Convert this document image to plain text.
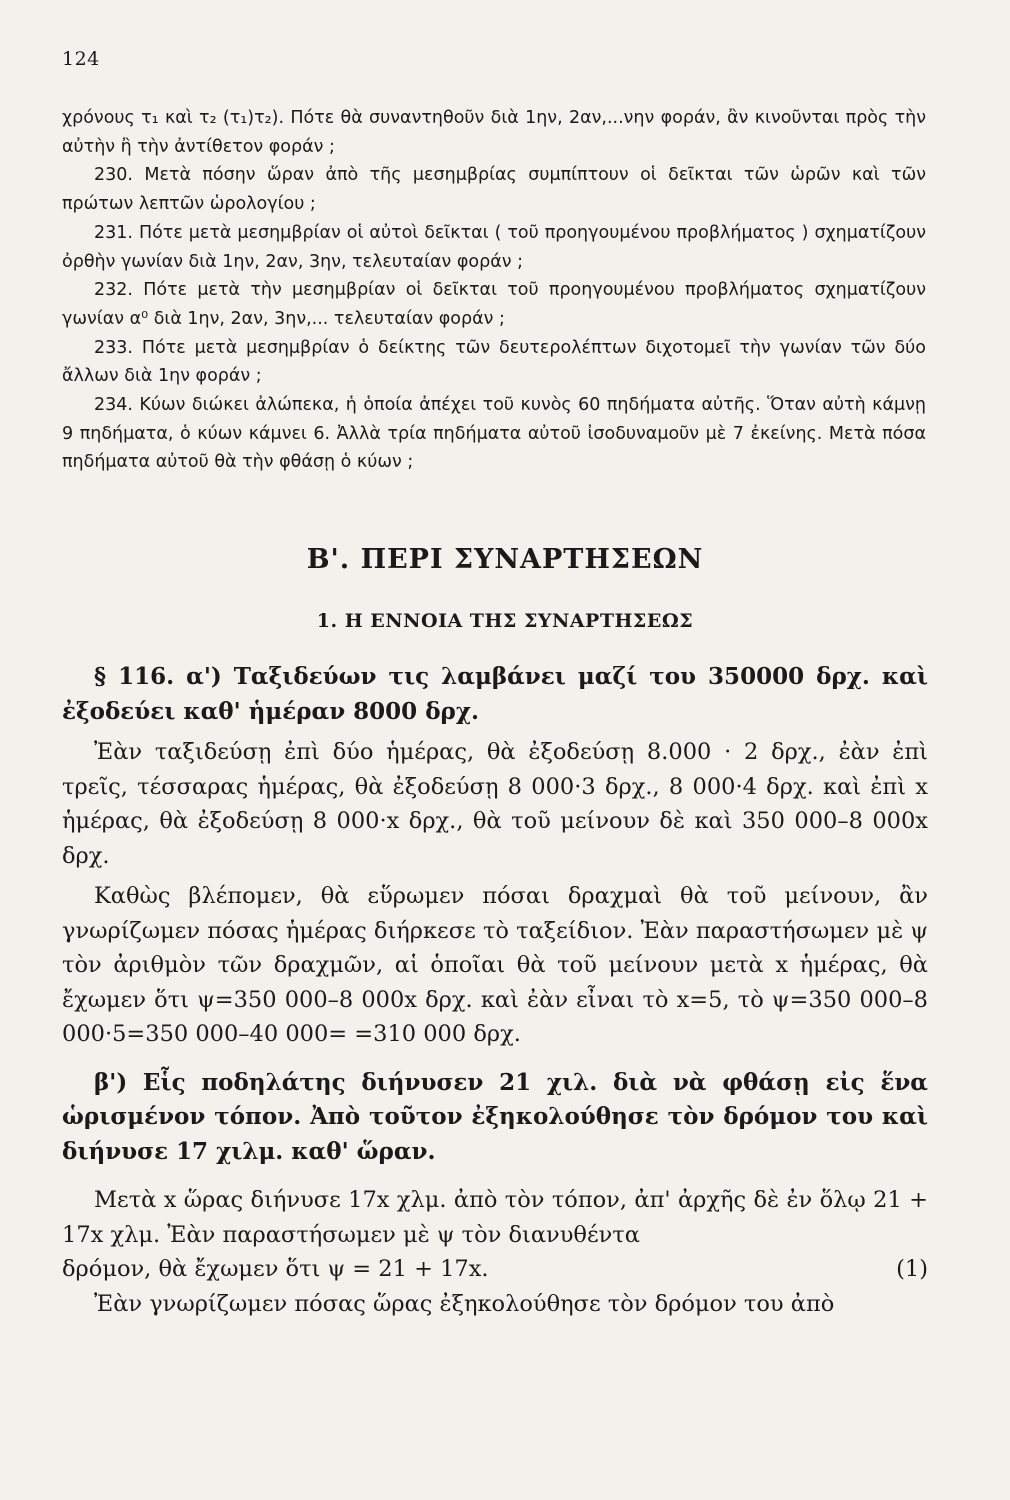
124

χρόνους τ₁ καὶ τ₂ (τ₁)τ₂). Πότε θὰ συναντηθοῦν διὰ 1ην, 2αν,...νην φοράν, ἂν κινοῦνται πρὸς τὴν αὐτὴν ἢ τὴν ἀντίθετον φοράν ;

230. Μετὰ πόσην ὥραν ἀπὸ τῆς μεσημβρίας συμπίπτουν οἱ δεῖκται τῶν ὡρῶν καὶ τῶν πρώτων λεπτῶν ὡρολογίου ;

231. Πότε μετὰ μεσημβρίαν οἱ αὐτοὶ δεῖκται ( τοῦ προηγουμένου προβλήματος ) σχηματίζουν ὀρθὴν γωνίαν διὰ 1ην, 2αν, 3ην, τελευταίαν φοράν ;

232. Πότε μετὰ τὴν μεσημβρίαν οἱ δεῖκται τοῦ προηγουμένου προβλήματος σχηματίζουν γωνίαν α⁰ διὰ 1ην, 2αν, 3ην,... τελευταίαν φοράν ;

233. Πότε μετὰ μεσημβρίαν ὁ δείκτης τῶν δευτερολέπτων διχοτομεῖ τὴν γωνίαν τῶν δύο ἄλλων διὰ 1ην φοράν ;

234. Κύων διώκει ἀλώπεκα, ἡ ὁποία ἀπέχει τοῦ κυνὸς 60 πηδήματα αὐτῆς. Ὅταν αὐτὴ κάμνῃ 9 πηδήματα, ὁ κύων κάμνει 6. Ἀλλὰ τρία πηδήματα αὐτοῦ ἰσοδυναμοῦν μὲ 7 ἐκείνης. Μετὰ πόσα πηδήματα αὐτοῦ θὰ τὴν φθάσῃ ὁ κύων ;

Β'. ΠΕΡΙ ΣΥΝΑΡΤΗΣΕΩΝ
1. Η ΕΝΝΟΙΑ ΤΗΣ ΣΥΝΑΡΤΗΣΕΩΣ

§ 116. α') Ταξιδεύων τις λαμβάνει μαζί του 350000 δρχ. καὶ ἐξοδεύει καθ' ἡμέραν 8000 δρχ.

Ἐὰν ταξιδεύσῃ ἐπὶ δύο ἡμέρας, θὰ ἐξοδεύσῃ 8.000 · 2 δρχ., ἐὰν ἐπὶ τρεῖς, τέσσαρας ἡμέρας, θὰ ἐξοδεύσῃ 8 000·3 δρχ., 8 000·4 δρχ. καὶ ἐπὶ x ἡμέρας, θὰ ἐξοδεύσῃ 8 000·x δρχ., θὰ τοῦ μείνουν δὲ καὶ 350 000–8 000x δρχ.

Καθὼς βλέπομεν, θὰ εὕρωμεν πόσαι δραχμαὶ θὰ τοῦ μείνουν, ἂν γνωρίζωμεν πόσας ἡμέρας διήρκεσε τὸ ταξείδιον. Ἐὰν παραστήσωμεν μὲ ψ τὸν ἀριθμὸν τῶν δραχμῶν, αἱ ὁποῖαι θὰ τοῦ μείνουν μετὰ x ἡμέρας, θὰ ἔχωμεν ὅτι ψ=350 000–8 000x δρχ. καὶ ἐὰν εἶναι τὸ x=5, τὸ ψ=350 000–8 000·5=350 000–40 000= =310 000 δρχ.

β') Εἷς ποδηλάτης διήνυσεν 21 χιλ. διὰ νὰ φθάσῃ εἰς ἕνα ὡρισμένον τόπον. Ἀπὸ τοῦτον ἐξηκολούθησε τὸν δρόμον του καὶ διήνυσε 17 χιλμ. καθ' ὥραν.

Μετὰ x ὥρας διήνυσε 17x χλμ. ἀπὸ τὸν τόπον, ἀπ' ἀρχῆς δὲ ἐν ὅλῳ 21 + 17x χλμ. Ἐὰν παραστήσωμεν μὲ ψ τὸν διανυθέντα

δρόμον, θὰ ἔχωμεν ὅτι ψ = 21 + 17x.	(1)

Ἐὰν γνωρίζωμεν πόσας ὥρας ἐξηκολούθησε τὸν δρόμον του ἀπὸ
